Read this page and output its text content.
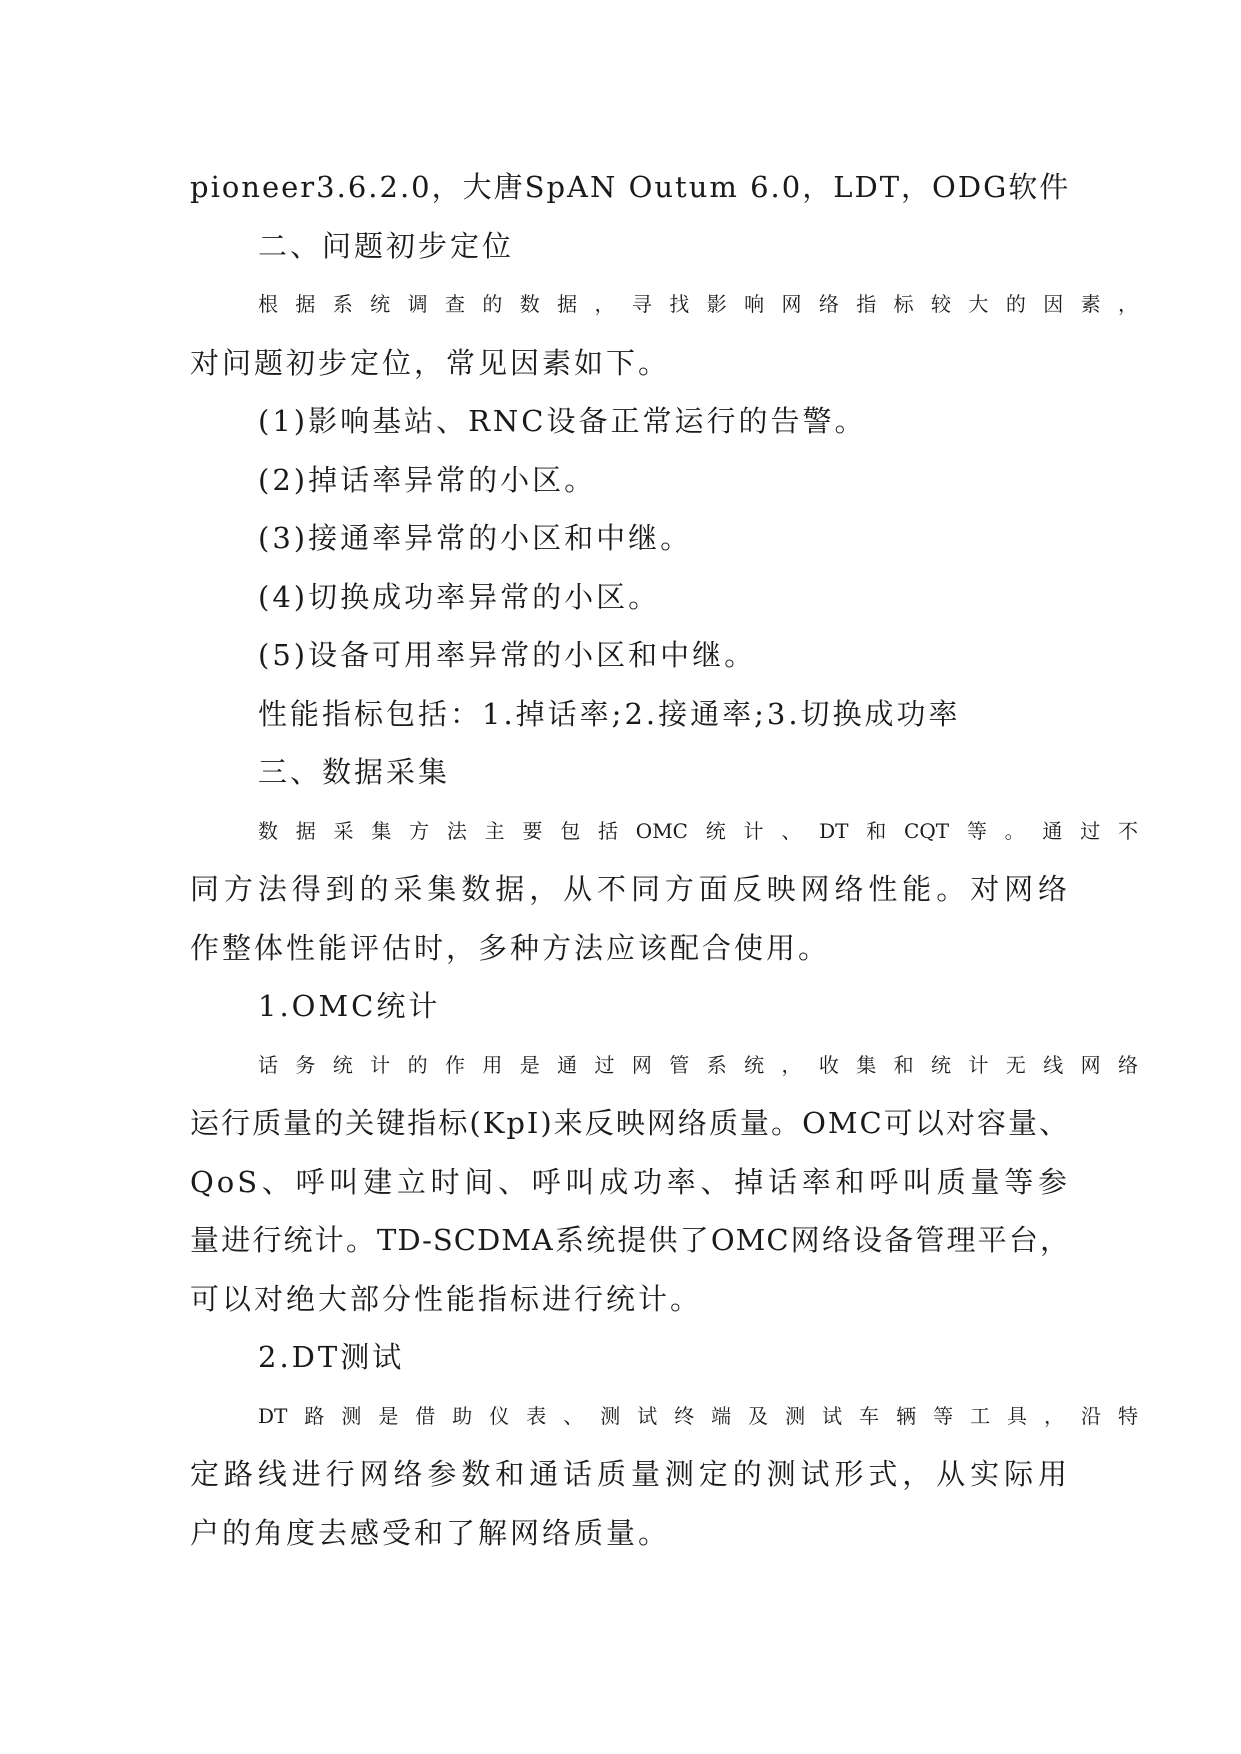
pioneer3.6.2.0，大唐SpAN Outum 6.0，LDT，ODG软件
二、问题初步定位
根据系统调查的数据，寻找影响网络指标较大的因素，
对问题初步定位，常见因素如下。
(1)影响基站、RNC设备正常运行的告警。
(2)掉话率异常的小区。
(3)接通率异常的小区和中继。
(4)切换成功率异常的小区。
(5)设备可用率异常的小区和中继。
性能指标包括：1.掉话率;2.接通率;3.切换成功率
三、数据采集
数据采集方法主要包括OMC统计、DT和CQT等。通过不
同方法得到的采集数据，从不同方面反映网络性能。对网络
作整体性能评估时，多种方法应该配合使用。
1.OMC统计
话务统计的作用是通过网管系统，收集和统计无线网络
运行质量的关键指标(KpI)来反映网络质量。OMC可以对容量、
QoS、呼叫建立时间、呼叫成功率、掉话率和呼叫质量等参
量进行统计。TD-SCDMA系统提供了OMC网络设备管理平台，
可以对绝大部分性能指标进行统计。
2.DT测试
DT路测是借助仪表、测试终端及测试车辆等工具，沿特
定路线进行网络参数和通话质量测定的测试形式，从实际用
户的角度去感受和了解网络质量。
